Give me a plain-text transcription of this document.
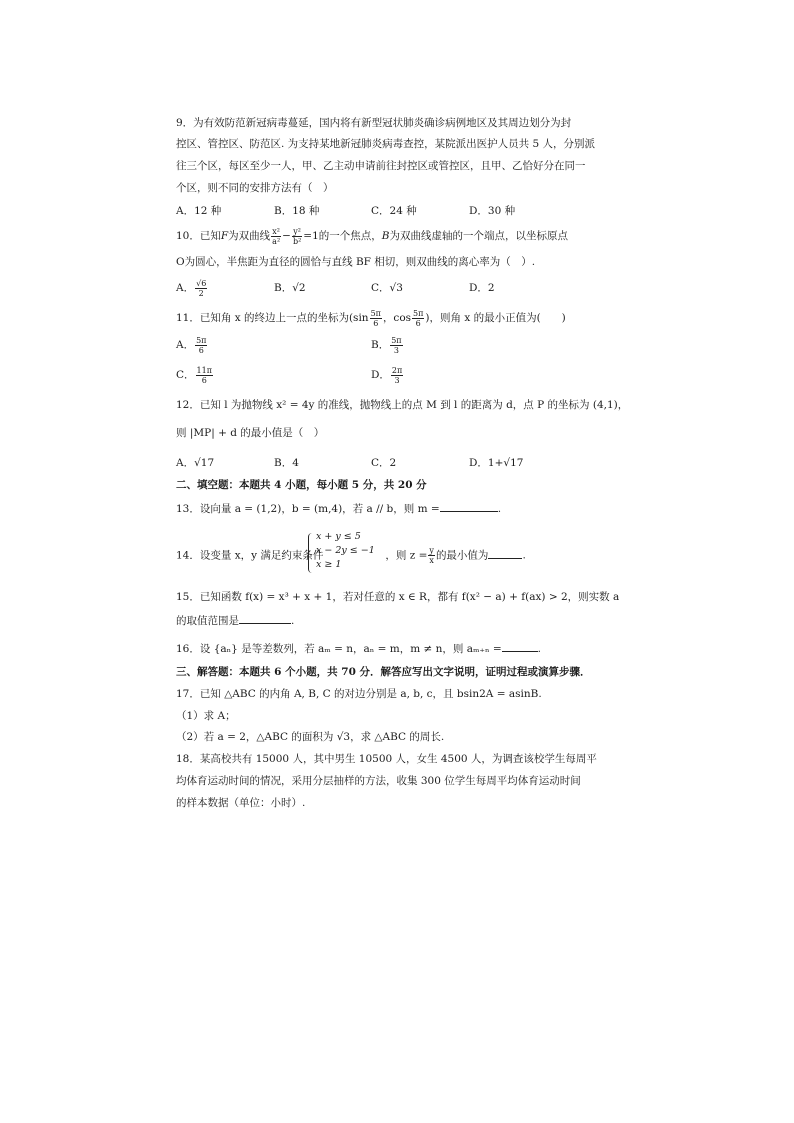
9．为有效防范新冠病毒蔓延，国内将有新型冠状肺炎确诊病例地区及其周边划分为封
控区、管控区、防范区. 为支持某地新冠肺炎病毒查控，某院派出医护人员共 5 人，分别派
往三个区，每区至少一人，甲、乙主动申请前往封控区或管控区，且甲、乙恰好分在同一
个区，则不同的安排方法有（　）
A．12 种	B．18 种	C．24 种	D．30 种
10．已知F为双曲线 $\frac{\text{x²}}{\text{a²}} - \frac{\text{y²}}{\text{b²}} =1$的一个焦点，B为双曲线虚轴的一个端点，以坐标原点
O为圆心，半焦距为直径的圆恰与直线 BF 相切，则双曲线的离心率为（　）.
A． $\frac{√6}{2}$	B．√2	C．√3	D．2
11．已知角 x 的终边上一点的坐标为($\sin \frac{5\pi}{6}$ ，$\cos \frac{5\pi}{6}$ )，则角 x 的最小正值为(　　)
A． $\frac{5\pi}{6}$	B． $\frac{5\pi}{3}$
C． $\frac{11\pi}{6}$	D． $\frac{2\pi}{3}$
12．已知 l 为抛物线 x² = 4y 的准线，抛物线上的点 M 到 l 的距离为 d，点 P 的坐标为 (4,1)，
则 |MP| + d 的最小值是（　）
A．√17	B．4	C．2	D．1+√17
二、填空题：本题共 4 小题，每小题 5 分，共 20 分
13．设向量 a = (1,2)，b = (m,4)，若 a // b，则 m =	.
14．设变量 x，y 满足约束条件	，则 $z = \frac{y}{x}$ 的最小值为	.
x + y ≤ 5
x − 2y ≤ −1
x ≥ 1
15．已知函数 f(x) = x³ + x + 1，若对任意的 x ∈ R，都有 f(x² − a) + f(ax) > 2，则实数 a
的取值范围是	.
16．设 {aₙ} 是等差数列，若 aₘ = n，aₙ = m，m ≠ n，则 aₘ₊ₙ =	.
三、解答题：本题共 6 个小题，共 70 分．解答应写出文字说明，证明过程或演算步骤．
17．已知 △ABC 的内角 A, B, C 的对边分别是 a, b, c，且 bsin2A = asinB.
（1）求 A；
（2）若 a = 2，△ABC 的面积为 √3，求 △ABC 的周长.
18．某高校共有 15000 人，其中男生 10500 人，女生 4500 人，为调查该校学生每周平
均体育运动时间的情况，采用分层抽样的方法，收集 300 位学生每周平均体育运动时间
的样本数据（单位：小时）.
